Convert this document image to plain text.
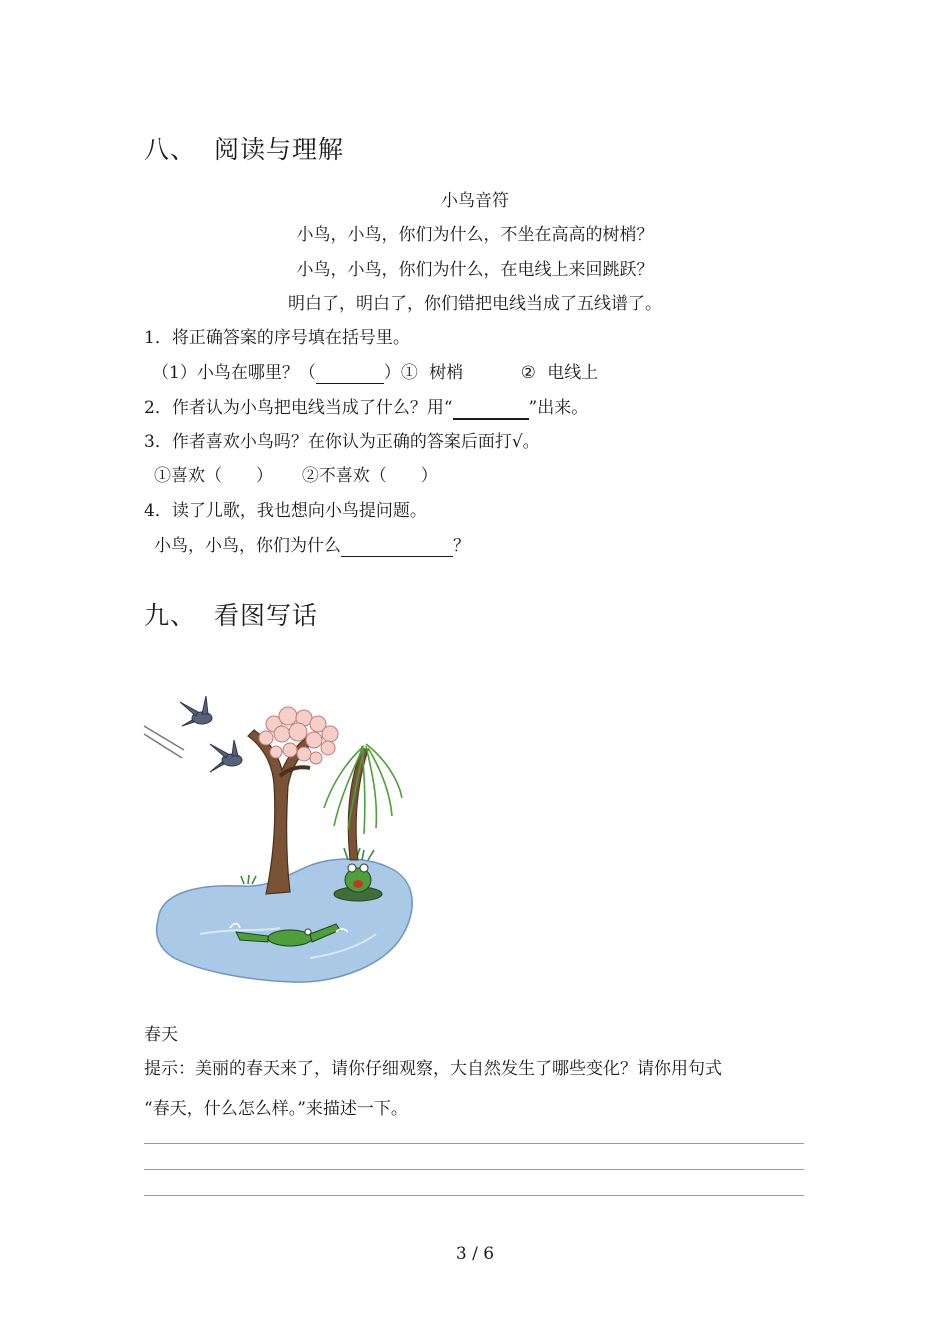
八、 阅读与理解
小鸟音符
小鸟，小鸟，你们为什么，不坐在高高的树梢？
小鸟，小鸟，你们为什么，在电线上来回跳跃？
明白了，明白了，你们错把电线当成了五线谱了。
1．将正确答案的序号填在括号里。
（1）小鸟在哪里？（	）① 树梢	② 电线上
2．作者认为小鸟把电线当成了什么？用“	”出来。
3．作者喜欢小鸟吗？在你认为正确的答案后面打√。
①喜欢（　　） ②不喜欢（　　）
4．读了儿歌，我也想向小鸟提问题。
小鸟，小鸟，你们为什么	？
九、 看图写话
春天
提示：美丽的春天来了，请你仔细观察，大自然发生了哪些变化？请你用句式
“春天，什么怎么样。”来描述一下。
3 / 6
